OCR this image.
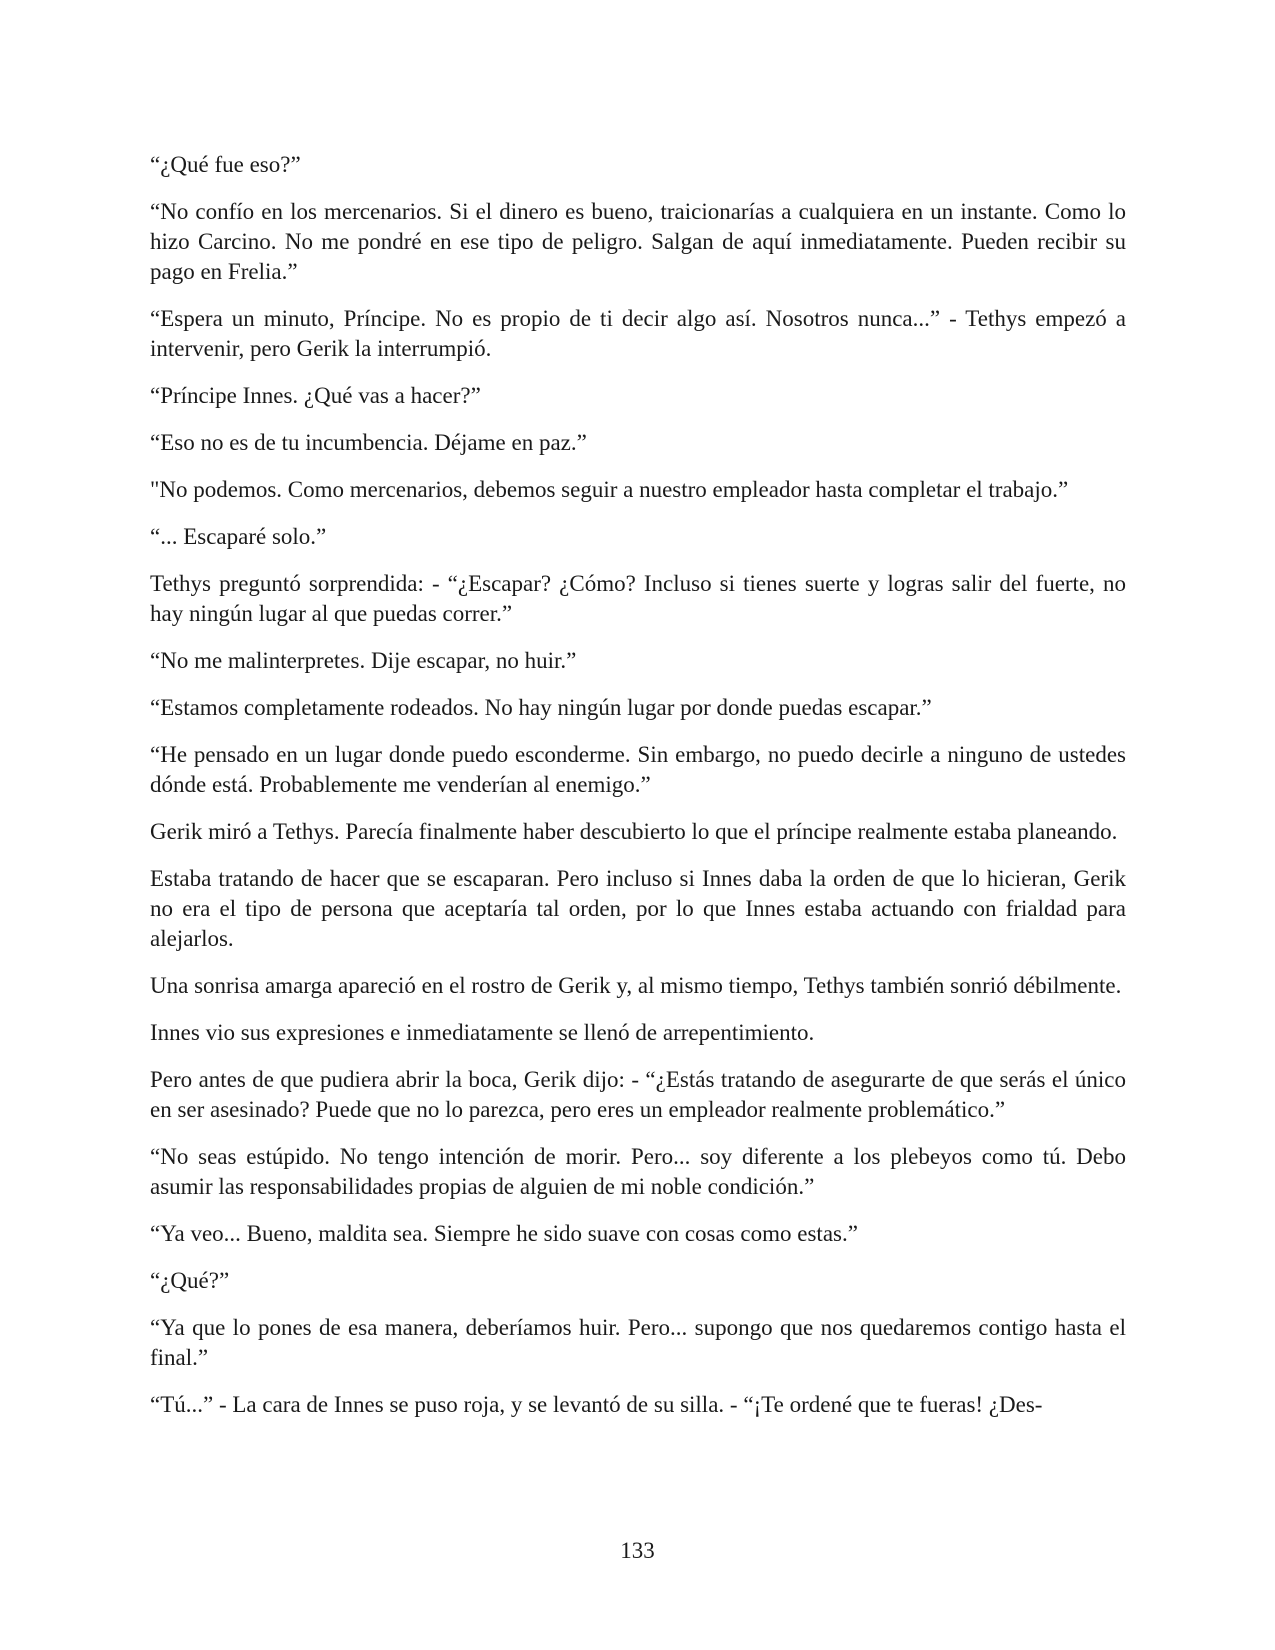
“¿Qué fue eso?”

“No confío en los mercenarios. Si el dinero es bueno, traicionarías a cualquiera en un instante. Como lo hizo Carcino. No me pondré en ese tipo de peligro. Salgan de aquí inmediatamente. Pueden recibir su pago en Frelia.”

“Espera un minuto, Príncipe. No es propio de ti decir algo así. Nosotros nunca...” - Tethys empezó a intervenir, pero Gerik la interrumpió.

“Príncipe Innes. ¿Qué vas a hacer?”

“Eso no es de tu incumbencia. Déjame en paz.”

"No podemos. Como mercenarios, debemos seguir a nuestro empleador hasta completar el trabajo.”

“... Escaparé solo.”

Tethys preguntó sorprendida: - “¿Escapar? ¿Cómo? Incluso si tienes suerte y logras salir del fuerte, no hay ningún lugar al que puedas correr.”

“No me malinterpretes. Dije escapar, no huir.”

“Estamos completamente rodeados. No hay ningún lugar por donde puedas escapar.”

“He pensado en un lugar donde puedo esconderme. Sin embargo, no puedo decirle a ninguno de ustedes dónde está. Probablemente me venderían al enemigo.”

Gerik miró a Tethys. Parecía finalmente haber descubierto lo que el príncipe realmente estaba planeando.

Estaba tratando de hacer que se escaparan. Pero incluso si Innes daba la orden de que lo hicieran, Gerik no era el tipo de persona que aceptaría tal orden, por lo que Innes estaba actuando con frialdad para alejarlos.

Una sonrisa amarga apareció en el rostro de Gerik y, al mismo tiempo, Tethys también sonrió débilmente.

Innes vio sus expresiones e inmediatamente se llenó de arrepentimiento.

Pero antes de que pudiera abrir la boca, Gerik dijo: - “¿Estás tratando de asegurarte de que serás el único en ser asesinado? Puede que no lo parezca, pero eres un empleador realmente problemático.”

“No seas estúpido. No tengo intención de morir. Pero... soy diferente a los plebeyos como tú. Debo asumir las responsabilidades propias de alguien de mi noble condición.”

“Ya veo... Bueno, maldita sea. Siempre he sido suave con cosas como estas.”

“¿Qué?”

“Ya que lo pones de esa manera, deberíamos huir. Pero... supongo que nos quedaremos contigo hasta el final.”

“Tú...” - La cara de Innes se puso roja, y se levantó de su silla. - “¡Te ordené que te fueras! ¿Des-

133
